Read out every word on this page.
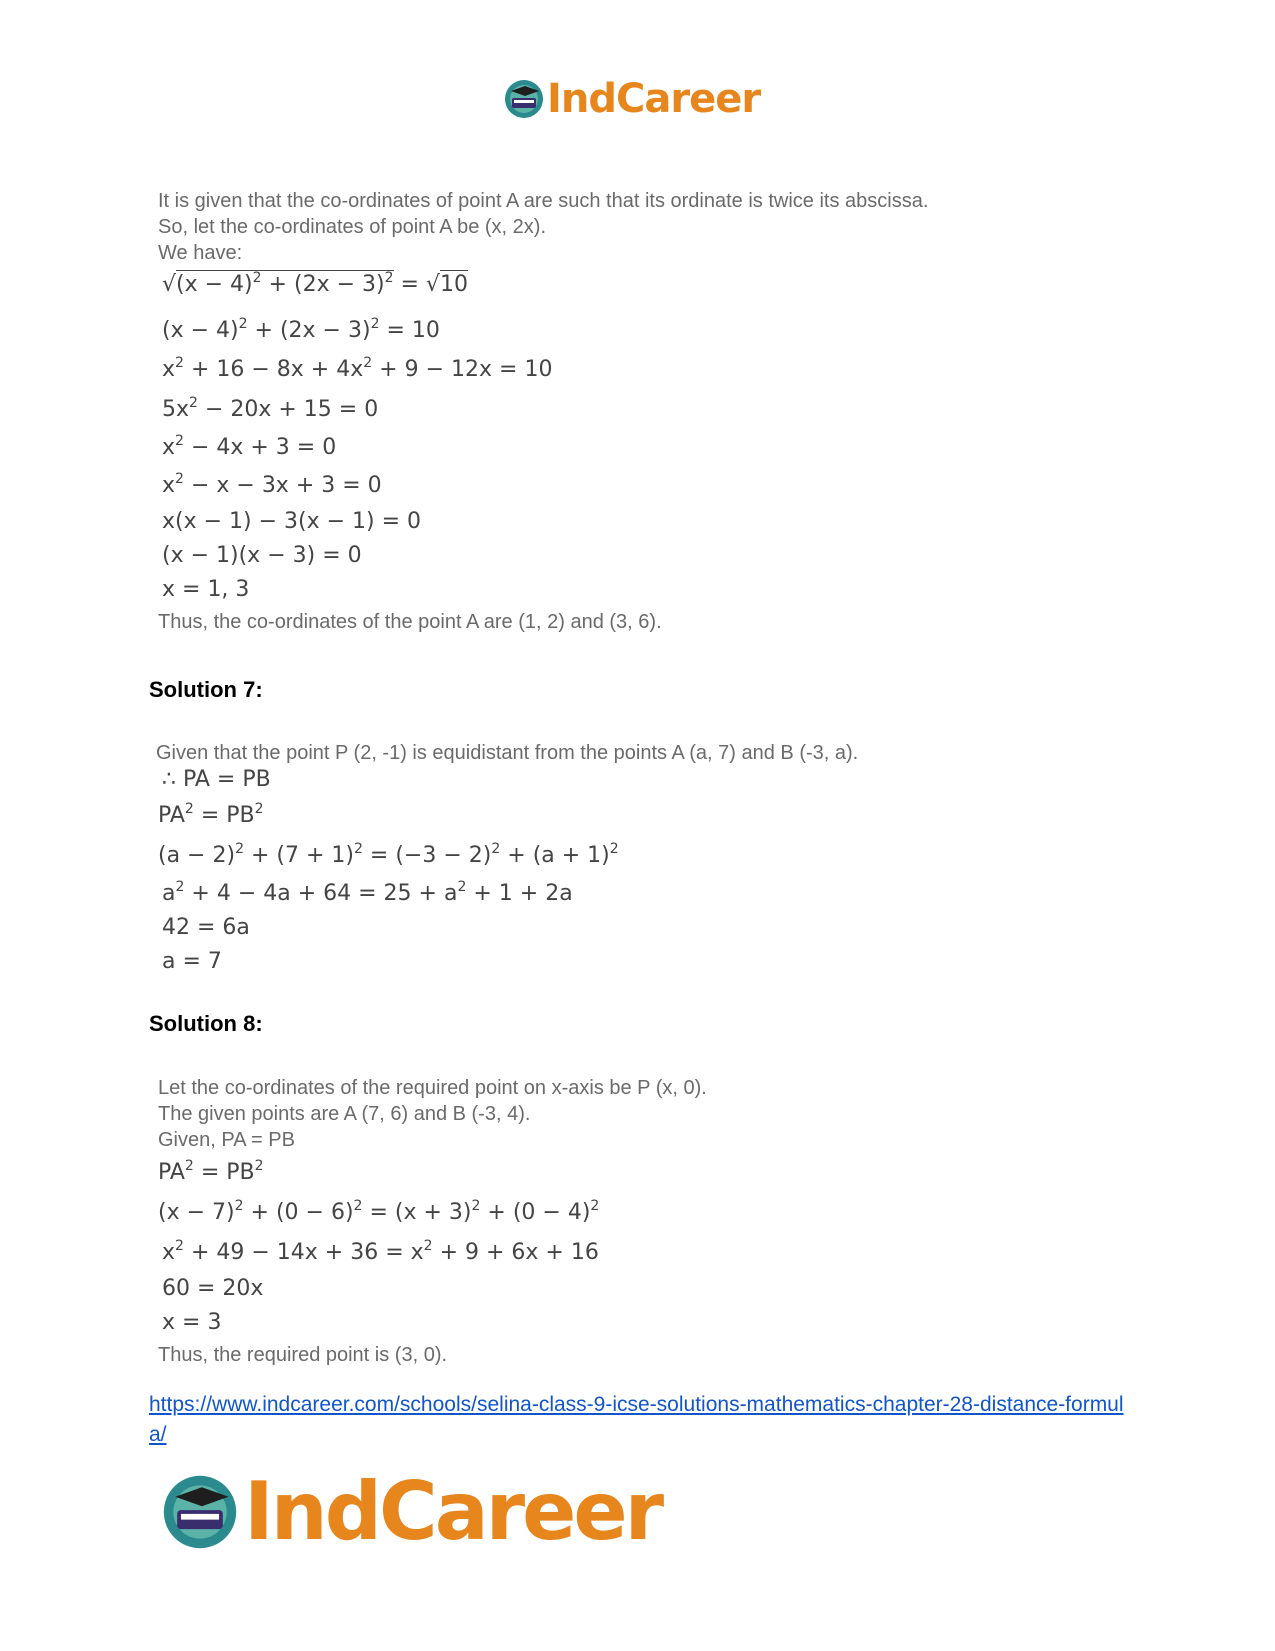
IndCareer
It is given that the co-ordinates of point A are such that its ordinate is twice its abscissa.
So, let the co-ordinates of point A be (x, 2x).
We have:
$√(x - 4)^2 + (2x - 3)^2 = √10$
$(x - 4)^2 + (2x - 3)^2 = 10$
$x^2 + 16 - 8x + 4x^2 + 9 - 12x = 10$
$5x^2 - 20x + 15 = 0$
$x^2 - 4x + 3 = 0$
$x^2 - x - 3x + 3 = 0$
x(x − 1) − 3(x − 1) = 0
(x − 1)(x − 3) = 0
x = 1, 3
Thus, the co-ordinates of the point A are (1, 2) and (3, 6).
Solution 7:
Given that the point P (2, -1) is equidistant from the points A (a, 7) and B (-3, a).
∴ PA = PB
$PA^2 = PB^2$
$(a - 2)^2 + (7 + 1)^2 = (-3 - 2)^2 + (a + 1)^2$
$a^2 + 4 - 4a + 64 = 25 + a^2 + 1 + 2a$
42 = 6a
a = 7
Solution 8:
Let the co-ordinates of the required point on x-axis be P (x, 0).
The given points are A (7, 6) and B (-3, 4).
Given, PA = PB
$PA^2 = PB^2$
$(x - 7)^2 + (0 - 6)^2 = (x + 3)^2 + (0 - 4)^2$
$x^2 + 49 - 14x + 36 = x^2 + 9 + 6x + 16$
60 = 20x
x = 3
Thus, the required point is (3, 0).
https://www.indcareer.com/schools/selina-class-9-icse-solutions-mathematics-chapter-28-distance-formula/
IndCareer
